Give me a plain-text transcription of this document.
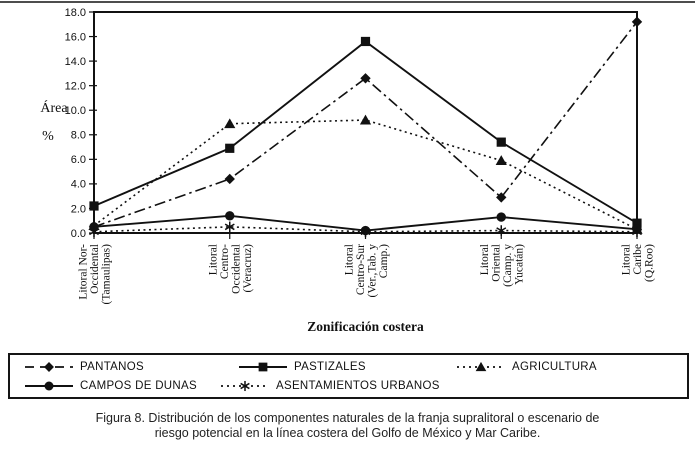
0.0
2.0
4.0
6.0
8.0
10.0
12.0
14.0
16.0
18.0
Litoral Nor- Occidental (Tamaulipas)	Litoral Centro- Occidental (Veracruz)	Litoral Centro-Sur (Ver.,Tab. y Camp.)	Litoral Oriental (Camp. y Yucatán)	Litoral Caribe (Q.Roo)
Área
%
Zonificación costera
PANTANOS	PASTIZALES	AGRICULTURA
CAMPOS DE DUNAS	ASENTAMIENTOS URBANOS
Figura 8. Distribución de los componentes naturales de la franja supralitoral o escenario de
riesgo potencial en la línea costera del Golfo de México y Mar Caribe.
